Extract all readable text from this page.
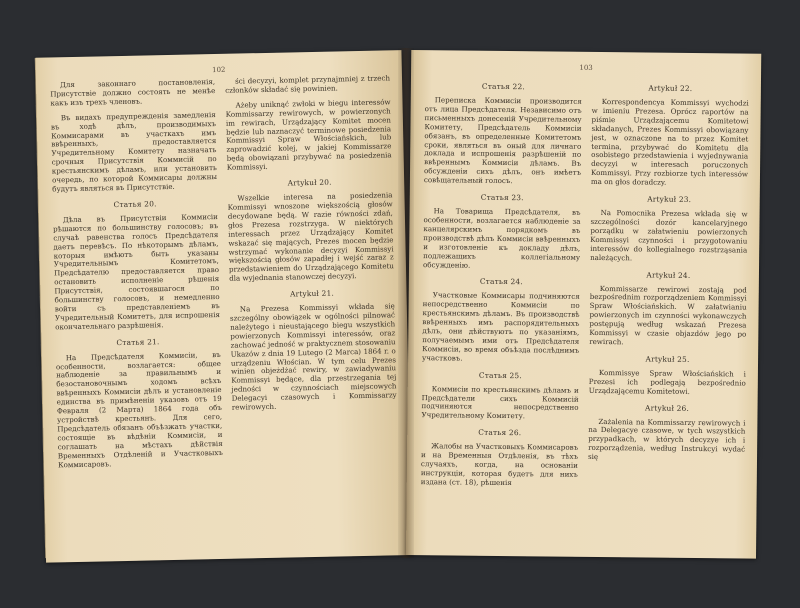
102
Для законнаго постановленія, Присутствіе должно состоять не менѣе какъ изъ трехъ членовъ.
Въ видахъ предупрежденія замедленія въ ходѣ дѣлъ, производимыхъ Коммисарами въ участкахъ имъ ввѣренныхъ, предоставляется Учредительному Комитету назначать срочныя Присутствія Коммисій по крестьянскимъ дѣламъ, или установить очередь, по которой Коммисары должны будутъ являться въ Присутствіе.
Статья 20.
Дѣла въ Присутствіи Коммисіи рѣшаются по большинству голосовъ; въ случаѣ равенства голосъ Предсѣдателя даетъ перевѣсъ. По нѣкоторымъ дѣламъ, которыя имѣютъ быть указаны Учредительнымъ Комитетомъ, Предсѣдателю предоставляется право остановить исполненіе рѣшенія Присутствія, состоявшагося по большинству голосовъ, и немедленно войти съ представленіемъ въ Учредительный Комитетъ, для испрошенія окончательнаго разрѣшенія.
Статья 21.
На Предсѣдателя Коммисіи, въ особенности, возлагается: общее наблюденіе за правильнымъ и безостановочнымъ ходомъ всѣхъ ввѣренныхъ Коммисіи дѣлъ и установленіе единства въ примѣненіи указовъ отъ 19 Февраля (2 Марта) 1864 года объ устройствѣ крестьянъ. Для сего, Предсѣдатель обязанъ объѣзжать участки, состоящіе въ вѣдѣніи Коммисіи, и соглашать на мѣстахъ дѣйствія Временныхъ Отдѣленій и Участковыхъ Коммисаровъ.
ści decyzyi, komplet przynajmniej z trzech członków składać się powinien.
Ażeby uniknąć zwłoki w biegu interessów Kommissarzy rewirowych, w powierzonych im rewirach, Urządzający Komitet mocen będzie lub naznaczyć terminowe posiedzenia Kommissyi Spraw Włościańskich, lub zaprowadzić kolej, w jakiej Kommissarze będą obowiązani przybywać na posiedzenia Kommissyi.
Artykuł 20.
Wszelkie interesa na posiedzenia Kommissyi wnoszone większością głosów decydowane będą. W razie równości zdań, głos Prezesa rozstrzyga. W niektórych interessach przez Urządzający Komitet wskazać się mających, Prezes mocen będzie wstrzymać wykonanie decyzyi Kommissyi większością głosów zapadłej i wejść zaraz z przedstawieniem do Urządzającego Komitetu dla wyjednania stanowczej decyzyi.
Artykuł 21.
Na Prezesa Kommissyi wkłada się szczególny obowiązek w ogólności pilnować należytego i nieustającego biegu wszystkich powierzonych Kommissyi interessów, oraz zachować jedność w praktycznem stosowaniu Ukazów z dnia 19 Lutego (2 Marca) 1864 r. o urządzeniu Włościan. W tym celu Prezes winien objeżdżać rewiry, w zawiadywaniu Kommissyi będące, dla przestrzegania tej jedności w czynnościach miejscowych Delegacyi czasowych i Kommissarzy rewirowych.
103
Статья 22.
Переписка Коммисіи производится отъ лица Предсѣдателя. Независимо отъ письменныхъ донесеній Учредительному Комитету, Предсѣдатель Коммисіи обязанъ, въ определенные Комитетомъ сроки, являться въ оный для личнаго доклада и испрошенія разрѣшеній по ввѣреннымъ Коммисіи дѣламъ. Въ обсужденіи сихъ дѣлъ, онъ имѣетъ совѣщательный голосъ.
Статья 23.
На Товарища Предсѣдателя, въ особенности, возлагается наблюденіе за канцелярскимъ порядкомъ въ производствѣ дѣлъ Коммисіи ввѣренныхъ и изготовленіе къ докладу дѣлъ, подлежащихъ коллегіальному обсужденію.
Статья 24.
Участковые Коммисары подчиняются непосредственно Коммисіи по крестьянскимъ дѣламъ. Въ производствѣ ввѣренныхъ имъ распорядительныхъ дѣлъ, они дѣйствуютъ по указаніямъ, получаемымъ ими отъ Предсѣдателя Коммисіи, во время объѣзда послѣднимъ участковъ.
Статья 25.
Коммисіи по крестьянскимъ дѣламъ и Предсѣдатели сихъ Коммисій подчиняются непосредственно Учредительному Комитету.
Статья 26.
Жалобы на Участковыхъ Коммисаровъ и на Временныя Отдѣленія, въ тѣхъ случаяхъ, когда, на основаніи инструкціи, которая будетъ для нихъ издана (ст. 18), рѣшенія
Artykuł 22.
Korrespondencya Kommissyi wychodzi w imieniu Prezesa. Oprócz raportów na piśmie Urządzającemu Komitetowi składanych, Prezes Kommissyi obowiązany jest, w oznaczone na to przez Komitet termina, przybywać do Komitetu dla osobistego przedstawienia i wyjednywania decyzyi w interesach poruczonych Kommissyi. Przy rozbiorze tych interessów ma on głos doradczy.
Artykuł 23.
Na Pomocnika Prezesa wkłada się w szczególności dozór kancelaryjnego porządku w załatwieniu powierzonych Kommissyi czynności i przygotowaniu interessów do kollegialnego rozstrząsania należących.
Artykuł 24.
Kommissarze rewirowi zostają pod bezpośrednim rozporządzeniem Kommissyi Spraw Włościańskich. W załatwianiu powierzonych im czynności wykonawczych postępują według wskazań Prezesa Kommissyi w czasie objazdów jego po rewirach.
Artykuł 25.
Kommissye Spraw Włościańskich i Prezesi ich podlegają bezpośrednio Urządzającemu Komitetowi.
Artykuł 26.
Zażalenia na Kommissarzy rewirowych i na Delegacye czasowe, w tych wszystkich przypadkach, w których decyzye ich i rozporządzenia, według Instrukcyi wydać się
